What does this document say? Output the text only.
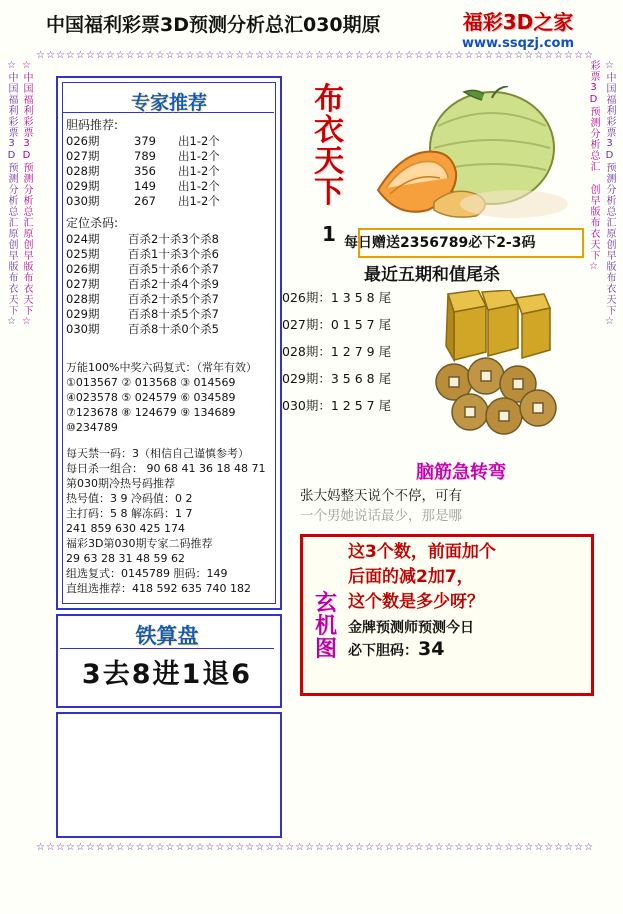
中国福利彩票3D预测分析总汇030期原	福彩3D之家
www.ssqzj.com
☆☆☆☆☆☆☆☆☆☆☆☆☆☆☆☆☆☆☆☆☆☆☆☆☆☆☆☆☆☆☆☆☆☆☆☆☆☆☆☆☆☆☆☆☆☆☆☆☆☆☆☆☆☆☆☆
☆☆☆☆☆☆☆☆☆☆☆☆☆☆☆☆☆☆☆☆☆☆☆☆☆☆☆☆☆☆☆☆☆☆☆☆☆☆☆☆☆☆☆☆☆☆☆☆☆☆☆☆☆☆☆☆
☆中国福利彩票3D预测分析总汇原创早版布衣天下☆ ☆中国福利彩票3D预测分析总汇原创早版布衣天下☆	☆中国福利彩票3D预测分析总汇原创早版布衣天下☆
彩票3D预测分析总汇 创早版布衣天下☆
专家推荐
胆码推荐:
026期	379	出1-2个
027期	789	出1-2个
028期	356	出1-2个
029期	149	出1-2个
030期	267	出1-2个
定位杀码:
024期	百杀2十杀3个杀8
025期	百杀1十杀3个杀6
026期	百杀5十杀6个杀7
027期	百杀2十杀4个杀9
028期	百杀2十杀5个杀7
029期	百杀8十杀5个杀7
030期	百杀8十杀0个杀5
万能100%中奖六码复式：（常年有效）
①013567 ② 013568 ③ 014569
④023578 ⑤ 024579 ⑥ 034589
⑦123678 ⑧ 124679 ⑨ 134689
⑩234789
每天禁一码：3（相信自己谨慎参考）
每日杀一组合： 90 68 41 36 18 48 71
第030期冷热号码推荐
热号值：3 9 冷码值：0 2
主打码：5 8 解冻码：1 7
241 859 630 425 174
福彩3D第030期专家二码推荐
29 63 28 31 48 59 62
组选复式：0145789 胆码：149
直组选推荐：418 592 635 740 182
铁算盘
3去8进1退6
布衣天下
每日赠送2356789必下2-3码
1
最近五期和值尾杀
026期：1 3 5 8 尾
027期：0 1 5 7 尾
028期：1 2 7 9 尾
029期：3 5 6 8 尾
030期：1 2 5 7 尾
脑筋急转弯
张大妈整天说个不停，可有
一个男她说话最少，那是哪
玄机图
这3个数，前面加个
后面的减2加7，
这个数是多少呀？
金牌预测师预测今日
必下胆码：34
